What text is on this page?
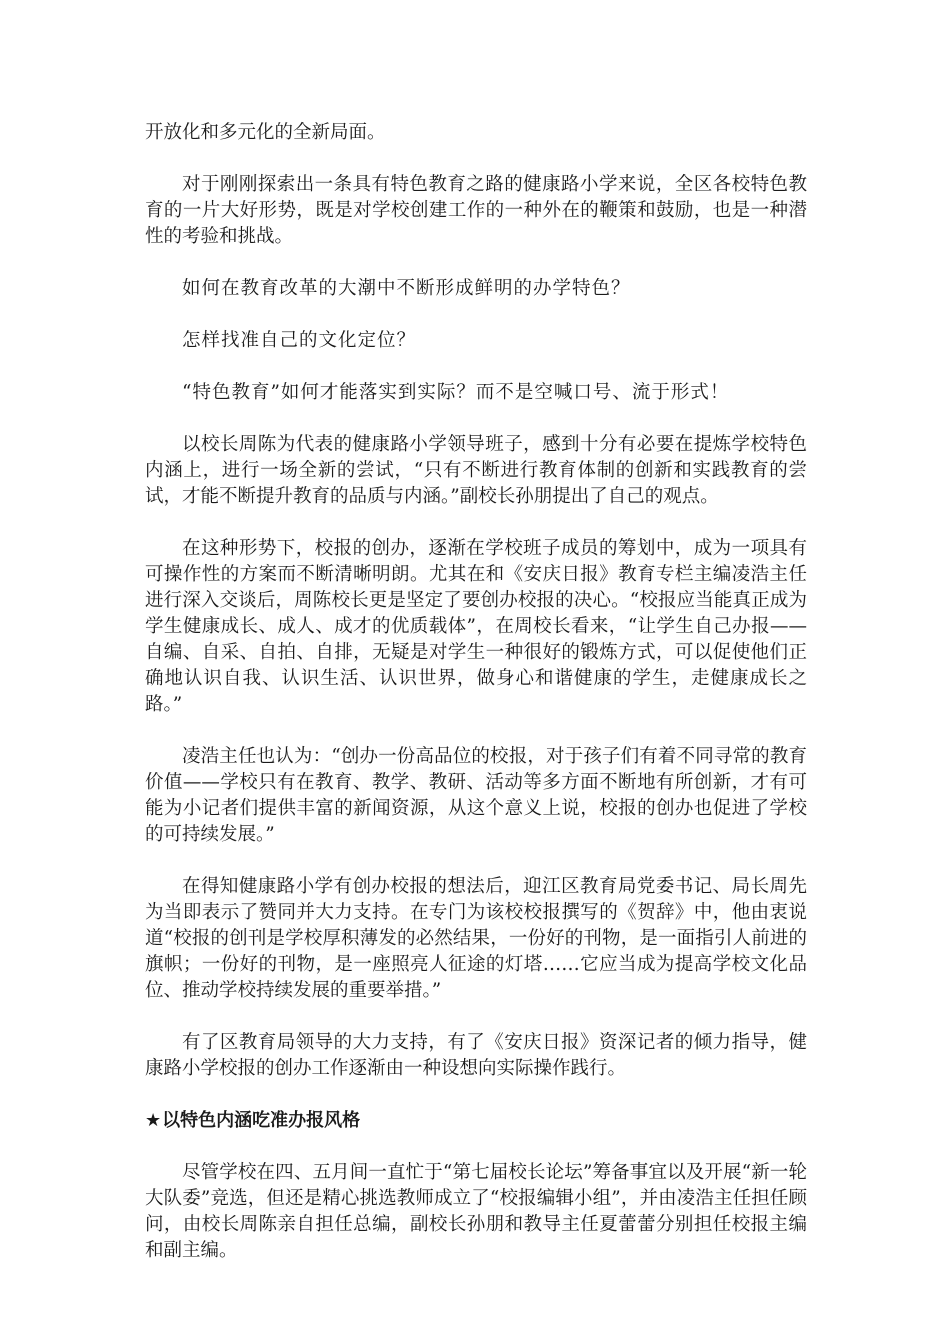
开放化和多元化的全新局面。

对于刚刚探索出一条具有特色教育之路的健康路小学来说，全区各校特色教育的一片大好形势，既是对学校创建工作的一种外在的鞭策和鼓励，也是一种潜性的考验和挑战。

如何在教育改革的大潮中不断形成鲜明的办学特色？

怎样找准自己的文化定位？

“特色教育”如何才能落实到实际？而不是空喊口号、流于形式！

以校长周陈为代表的健康路小学领导班子，感到十分有必要在提炼学校特色内涵上，进行一场全新的尝试，“只有不断进行教育体制的创新和实践教育的尝试，才能不断提升教育的品质与内涵。”副校长孙朋提出了自己的观点。

在这种形势下，校报的创办，逐渐在学校班子成员的筹划中，成为一项具有可操作性的方案而不断清晰明朗。尤其在和《安庆日报》教育专栏主编凌浩主任进行深入交谈后，周陈校长更是坚定了要创办校报的决心。“校报应当能真正成为学生健康成长、成人、成才的优质载体”，在周校长看来，“让学生自己办报——自编、自采、自拍、自排，无疑是对学生一种很好的锻炼方式，可以促使他们正确地认识自我、认识生活、认识世界，做身心和谐健康的学生，走健康成长之路。”

凌浩主任也认为：“创办一份高品位的校报，对于孩子们有着不同寻常的教育价值——学校只有在教育、教学、教研、活动等多方面不断地有所创新，才有可能为小记者们提供丰富的新闻资源，从这个意义上说，校报的创办也促进了学校的可持续发展。”

在得知健康路小学有创办校报的想法后，迎江区教育局党委书记、局长周先为当即表示了赞同并大力支持。在专门为该校校报撰写的《贺辞》中，他由衷说道“校报的创刊是学校厚积薄发的必然结果，一份好的刊物，是一面指引人前进的旗帜；一份好的刊物，是一座照亮人征途的灯塔……它应当成为提高学校文化品位、推动学校持续发展的重要举措。”

有了区教育局领导的大力支持，有了《安庆日报》资深记者的倾力指导，健康路小学校报的创办工作逐渐由一种设想向实际操作践行。

★以特色内涵吃准办报风格

尽管学校在四、五月间一直忙于“第七届校长论坛”筹备事宜以及开展“新一轮大队委”竞选，但还是精心挑选教师成立了“校报编辑小组”，并由凌浩主任担任顾问，由校长周陈亲自担任总编，副校长孙朋和教导主任夏蕾蕾分别担任校报主编和副主编。
